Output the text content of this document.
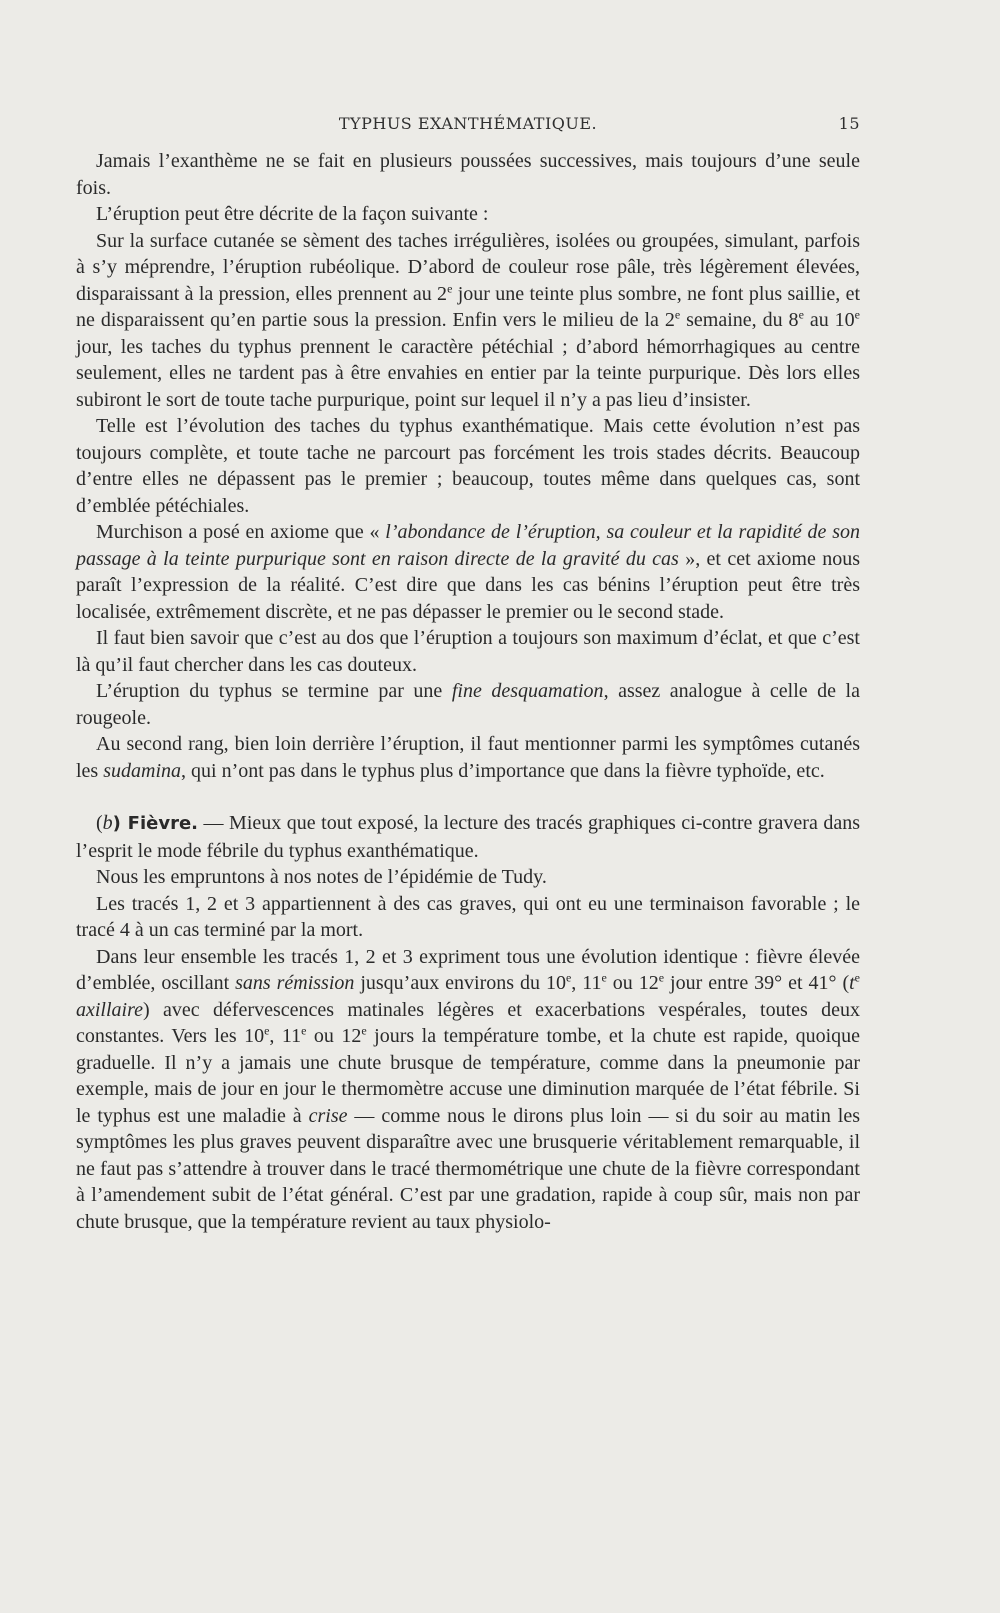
TYPHUS EXANTHÉMATIQUE.	15

Jamais l’exanthème ne se fait en plusieurs poussées successives, mais toujours d’une seule fois.

L’éruption peut être décrite de la façon suivante :

Sur la surface cutanée se sèment des taches irrégulières, isolées ou groupées, simulant, parfois à s’y méprendre, l’éruption rubéolique. D’abord de couleur rose pâle, très légèrement élevées, disparaissant à la pression, elles prennent au 2e jour une teinte plus sombre, ne font plus saillie, et ne disparaissent qu’en partie sous la pression. Enfin vers le milieu de la 2e semaine, du 8e au 10e jour, les taches du typhus prennent le caractère pétéchial ; d’abord hémorrhagiques au centre seulement, elles ne tardent pas à être envahies en entier par la teinte purpurique. Dès lors elles subiront le sort de toute tache purpurique, point sur lequel il n’y a pas lieu d’insister.

Telle est l’évolution des taches du typhus exanthématique. Mais cette évolution n’est pas toujours complète, et toute tache ne parcourt pas forcément les trois stades décrits. Beaucoup d’entre elles ne dépassent pas le premier ; beaucoup, toutes même dans quelques cas, sont d’emblée pétéchiales.

Murchison a posé en axiome que « l’abondance de l’éruption, sa couleur et la rapidité de son passage à la teinte purpurique sont en raison directe de la gravité du cas », et cet axiome nous paraît l’expression de la réalité. C’est dire que dans les cas bénins l’éruption peut être très localisée, extrêmement discrète, et ne pas dépasser le premier ou le second stade.

Il faut bien savoir que c’est au dos que l’éruption a toujours son maximum d’éclat, et que c’est là qu’il faut chercher dans les cas douteux.

L’éruption du typhus se termine par une fine desquamation, assez analogue à celle de la rougeole.

Au second rang, bien loin derrière l’éruption, il faut mentionner parmi les symptômes cutanés les sudamina, qui n’ont pas dans le typhus plus d’importance que dans la fièvre typhoïde, etc.

(b) Fièvre. — Mieux que tout exposé, la lecture des tracés graphiques ci-contre gravera dans l’esprit le mode fébrile du typhus exanthématique.

Nous les empruntons à nos notes de l’épidémie de Tudy.

Les tracés 1, 2 et 3 appartiennent à des cas graves, qui ont eu une terminaison favorable ; le tracé 4 à un cas terminé par la mort.

Dans leur ensemble les tracés 1, 2 et 3 expriment tous une évolution identique : fièvre élevée d’emblée, oscillant sans rémission jusqu’aux environs du 10e, 11e ou 12e jour entre 39° et 41° ($t^e$ axillaire) avec défervescences matinales légères et exacerbations vespérales, toutes deux constantes. Vers les 10e, 11e ou 12e jours la température tombe, et la chute est rapide, quoique graduelle. Il n’y a jamais une chute brusque de température, comme dans la pneumonie par exemple, mais de jour en jour le thermomètre accuse une diminution marquée de l’état fébrile. Si le typhus est une maladie à crise — comme nous le dirons plus loin — si du soir au matin les symptômes les plus graves peuvent disparaître avec une brusquerie véritablement remarquable, il ne faut pas s’attendre à trouver dans le tracé thermométrique une chute de la fièvre correspondant à l’amendement subit de l’état général. C’est par une gradation, rapide à coup sûr, mais non par chute brusque, que la température revient au taux physiolo-
